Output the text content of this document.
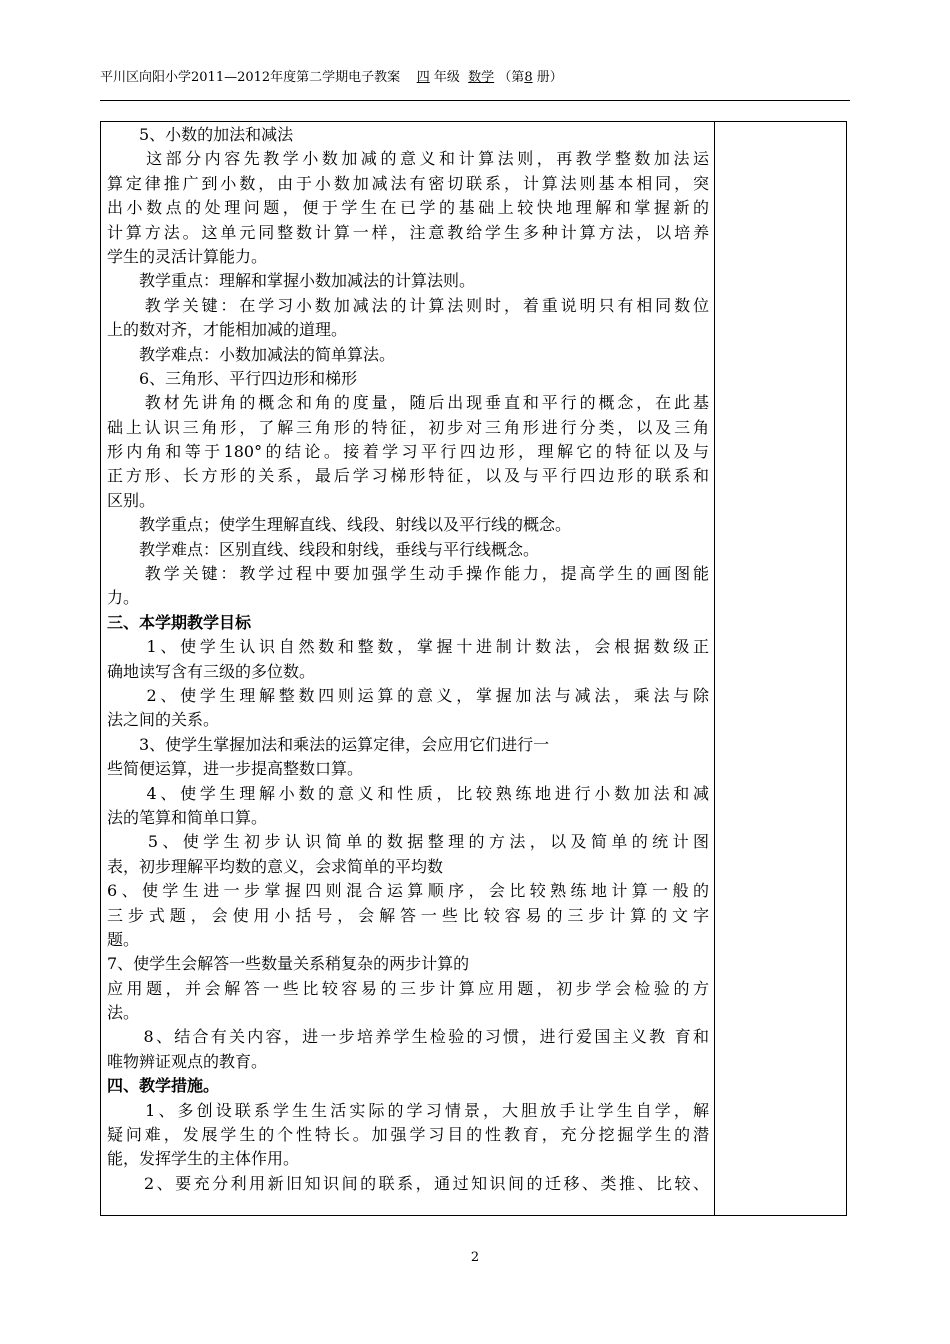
平川区向阳小学2011—2012年度第二学期电子教案 四 年级 数学 （第8 册）
　　5、小数的加法和减法
　　这部分内容先教学小数加减的意义和计算法则，再教学整数加法运
算定律推广到小数，由于小数加减法有密切联系，计算法则基本相同，突
出小数点的处理问题，便于学生在已学的基础上较快地理解和掌握新的
计算方法。这单元同整数计算一样，注意教给学生多种计算方法，以培养
学生的灵活计算能力。
　　教学重点：理解和掌握小数加减法的计算法则。
　　教学关键：在学习小数加减法的计算法则时，着重说明只有相同数位
上的数对齐，才能相加减的道理。
　　教学难点：小数加减法的简单算法。
　　6、三角形、平行四边形和梯形
　　教材先讲角的概念和角的度量，随后出现垂直和平行的概念，在此基
础上认识三角形，了解三角形的特征，初步对三角形进行分类，以及三角
形内角和等于180°的结论。接着学习平行四边形，理解它的特征以及与
正方形、长方形的关系，最后学习梯形特征，以及与平行四边形的联系和
区别。
　　教学重点；使学生理解直线、线段、射线以及平行线的概念。
　　教学难点：区别直线、线段和射线，垂线与平行线概念。
　　教学关键：教学过程中要加强学生动手操作能力，提高学生的画图能
力。
三、本学期教学目标
　　1、使学生认识自然数和整数，掌握十进制计数法，会根据数级正
确地读写含有三级的多位数。
　　2、使学生理解整数四则运算的意义，掌握加法与减法，乘法与除
法之间的关系。
　　3、使学生掌握加法和乘法的运算定律，会应用它们进行一
些简便运算，进一步提高整数口算。
　　4、使学生理解小数的意义和性质，比较熟练地进行小数加法和减
法的笔算和简单口算。
　　5、使学生初步认识简单的数据整理的方法，以及简单的统计图
表，初步理解平均数的意义，会求简单的平均数
6、使学生进一步掌握四则混合运算顺序，会比较熟练地计算一般的
三步式题，会使用小括号，会解答一些比较容易的三步计算的文字
题。
7、使学生会解答一些数量关系稍复杂的两步计算的
应用题，并会解答一些比较容易的三步计算应用题，初步学会检验的方
法。
　　8、结合有关内容，进一步培养学生检验的习惯，进行爱国主义教 育和
唯物辨证观点的教育。
四、教学措施。
　　1、多创设联系学生生活实际的学习情景，大胆放手让学生自学，解
疑问难，发展学生的个性特长。加强学习目的性教育，充分挖掘学生的潜
能，发挥学生的主体作用。
　　2、要充分利用新旧知识间的联系，通过知识间的迁移、类推、比较、
2
